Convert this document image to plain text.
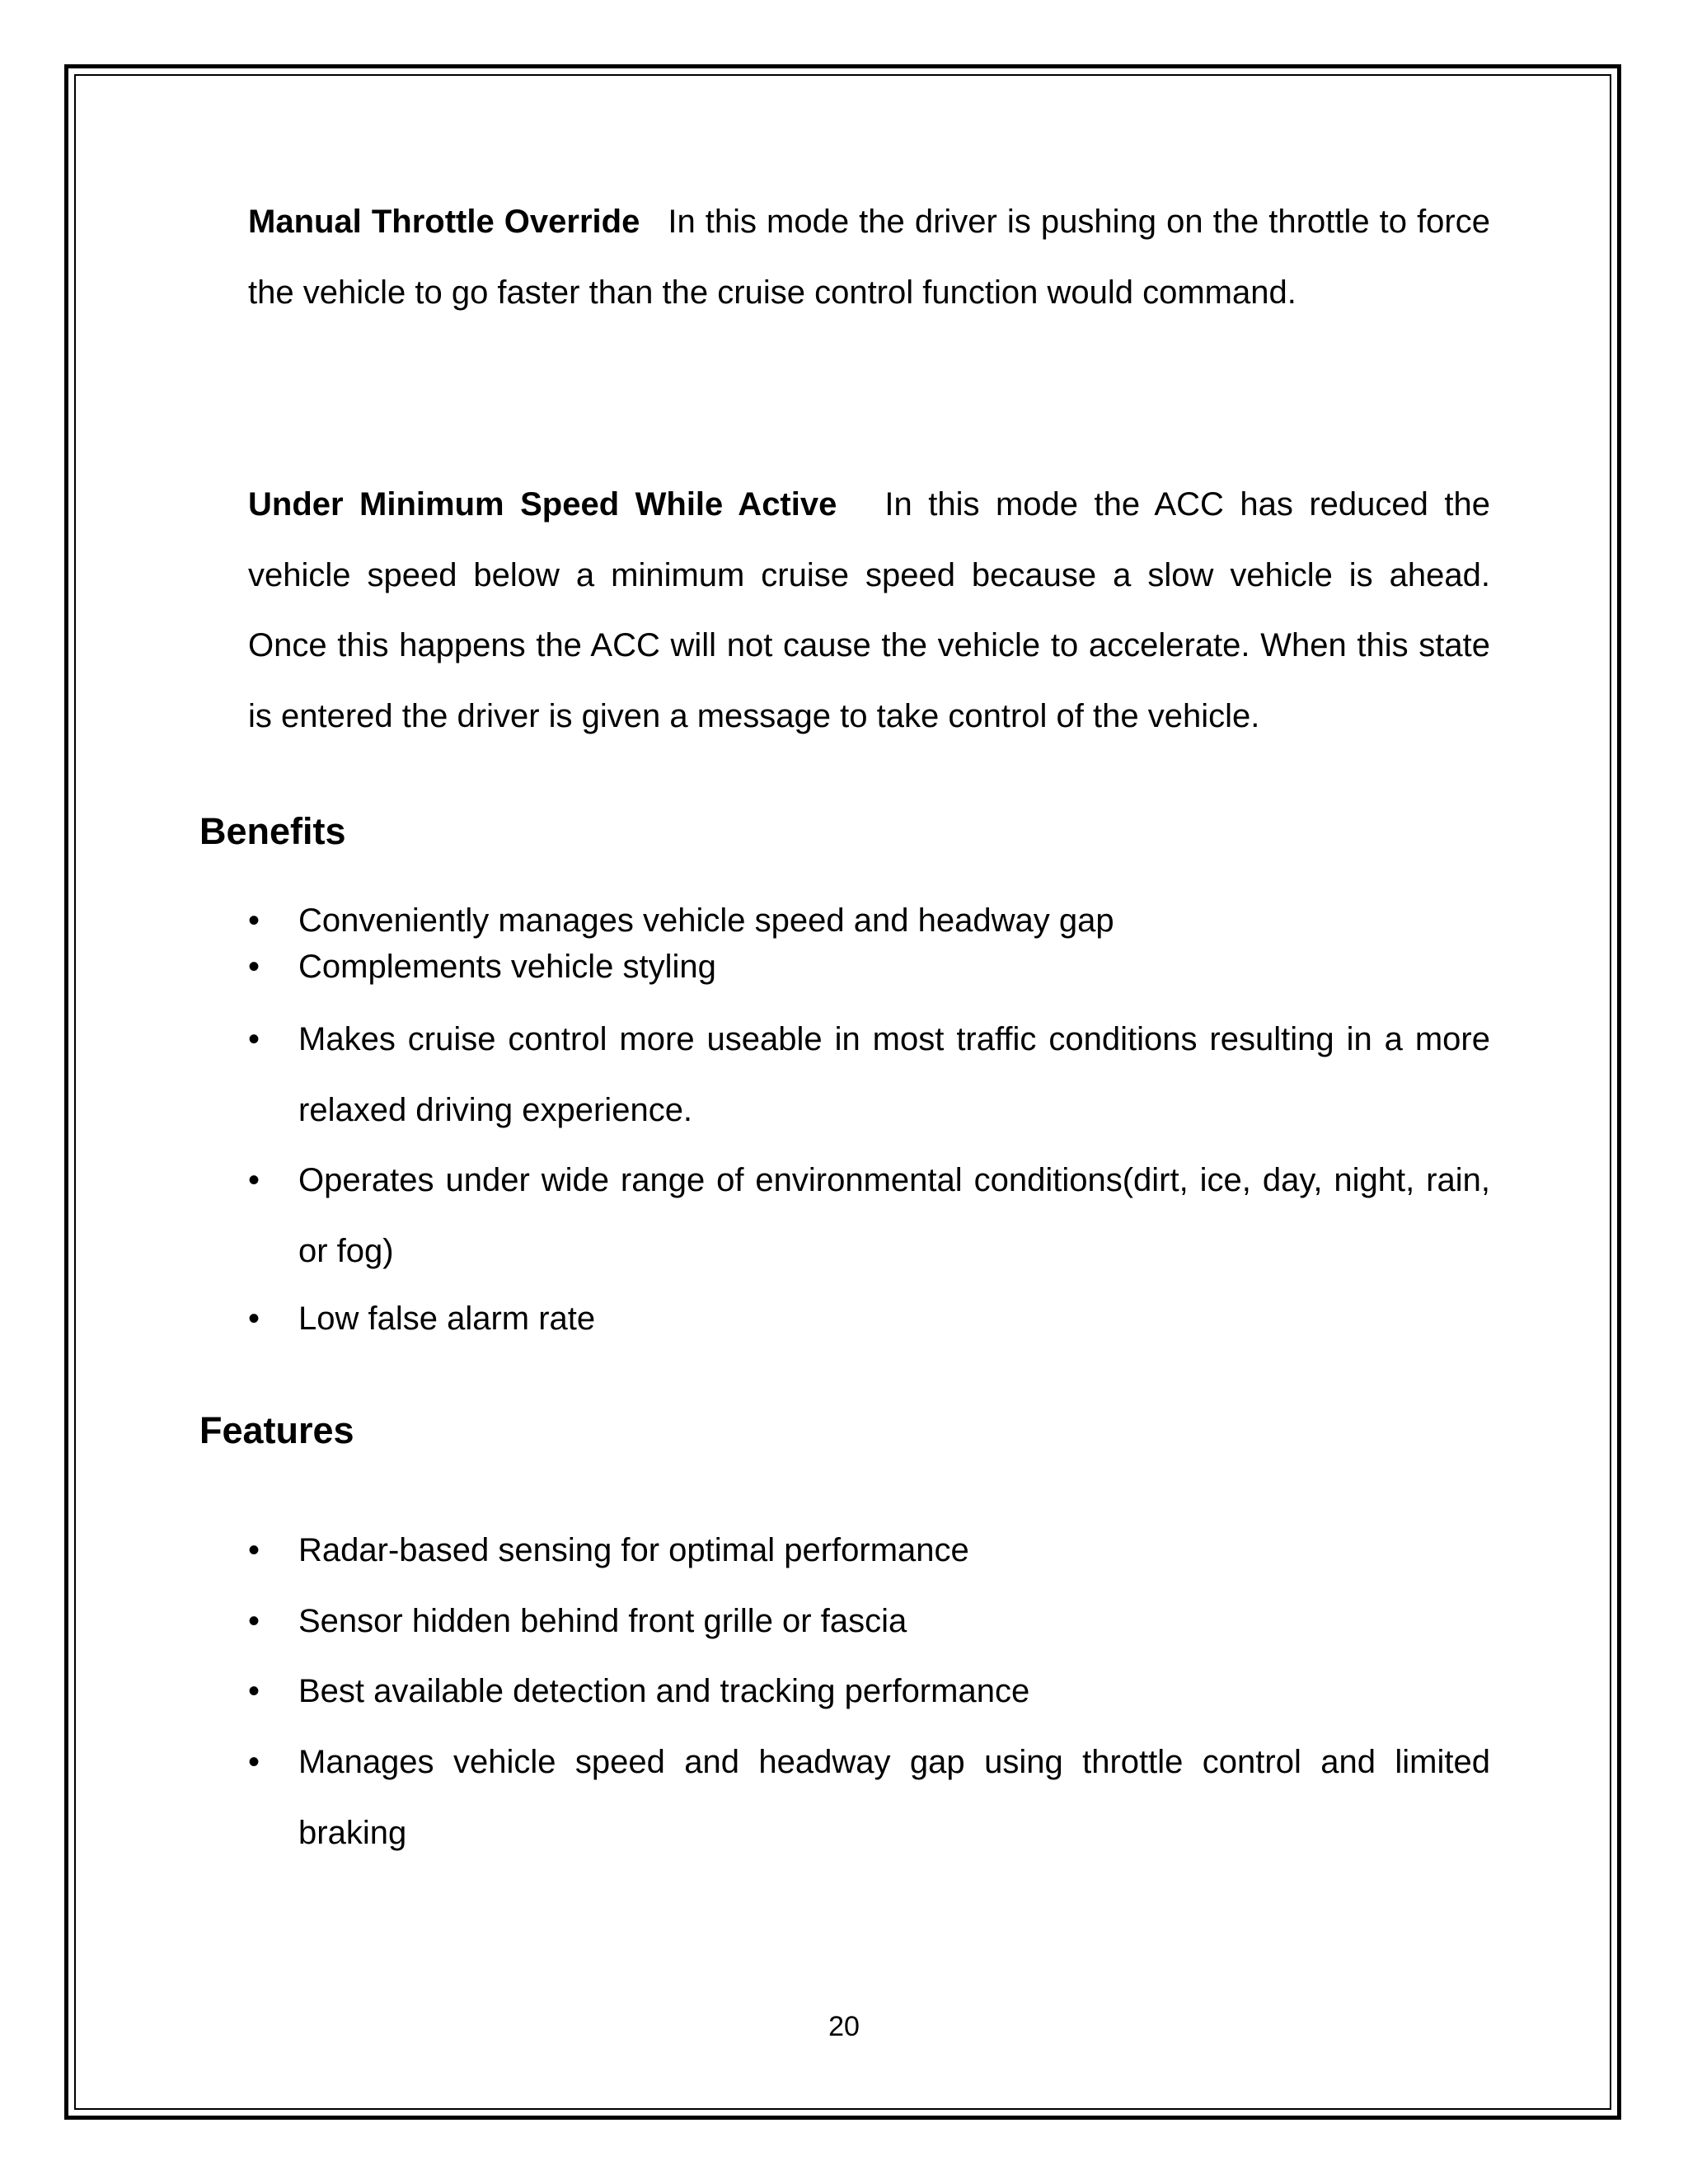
Manual Throttle Override In this mode the driver is pushing on the throttle to force the vehicle to go faster than the cruise control function would command.

Under Minimum Speed While Active In this mode the ACC has reduced the vehicle speed below a minimum cruise speed because a slow vehicle is ahead. Once this happens the ACC will not cause the vehicle to accelerate. When this state is entered the driver is given a message to take control of the vehicle.

Benefits
•	Conveniently manages vehicle speed and headway gap

•	Complements vehicle styling

•	Makes cruise control more useable in most traffic conditions resulting in a more relaxed driving experience.

•	Operates under wide range of environmental conditions(dirt, ice, day, night, rain, or fog)

•	Low false alarm rate

Features
•	Radar-based sensing for optimal performance

•	Sensor hidden behind front grille or fascia

•	Best available detection and tracking performance

•	Manages vehicle speed and headway gap using throttle control and limited braking

20
